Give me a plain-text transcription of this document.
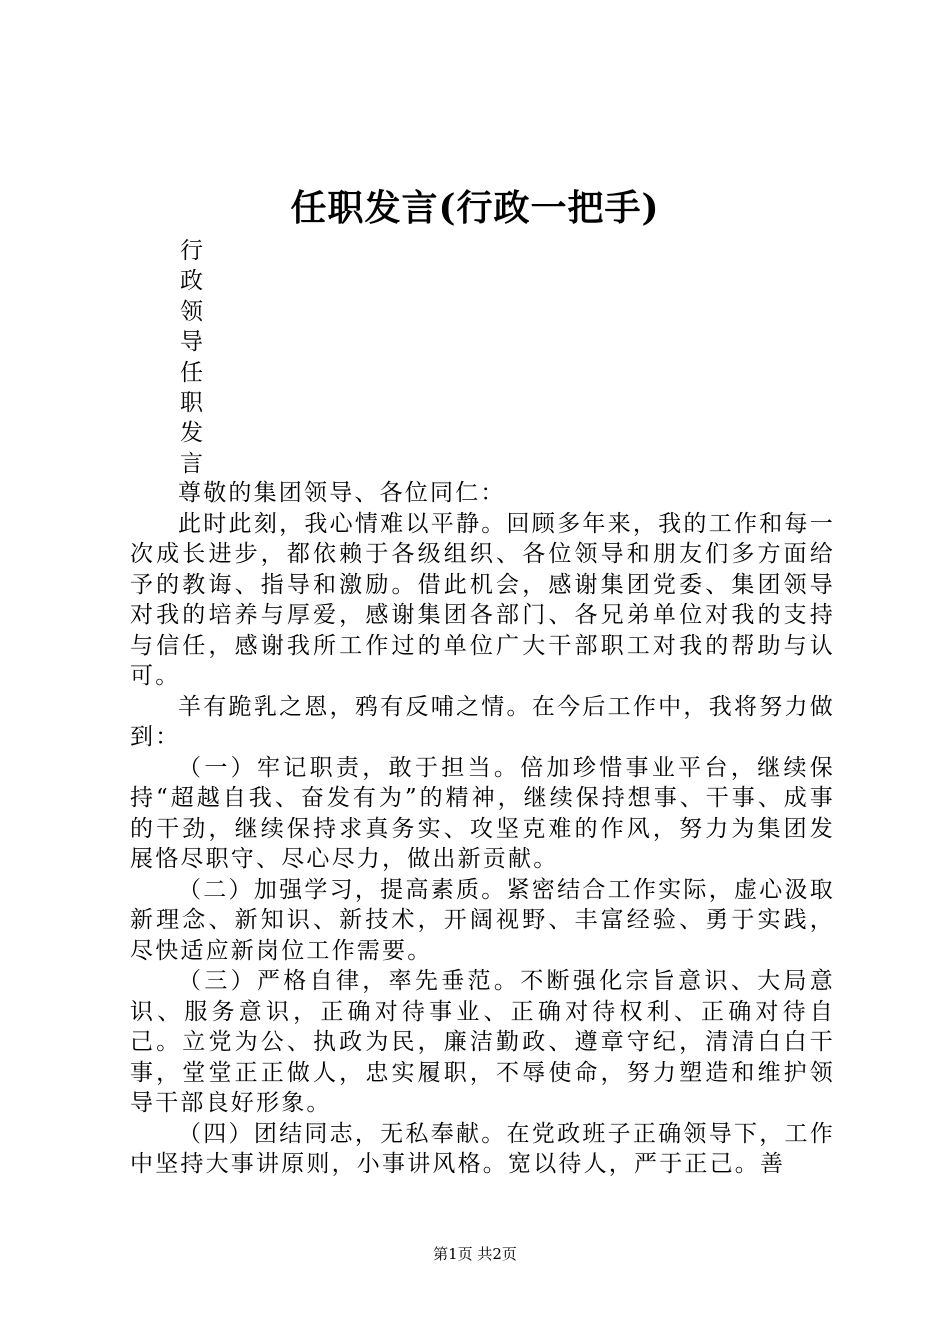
任职发言(行政一把手)
行
政
领
导
任
职
发
言

尊敬的集团领导、各位同仁：

此时此刻，我心情难以平静。回顾多年来，我的工作和每一次成长进步，都依赖于各级组织、各位领导和朋友们多方面给予的教诲、指导和激励。借此机会，感谢集团党委、集团领导对我的培养与厚爱，感谢集团各部门、各兄弟单位对我的支持与信任，感谢我所工作过的单位广大干部职工对我的帮助与认可。

羊有跪乳之恩，鸦有反哺之情。在今后工作中，我将努力做到：

（一）牢记职责，敢于担当。倍加珍惜事业平台，继续保持“超越自我、奋发有为”的精神，继续保持想事、干事、成事的干劲，继续保持求真务实、攻坚克难的作风，努力为集团发展恪尽职守、尽心尽力，做出新贡献。

（二）加强学习，提高素质。紧密结合工作实际，虚心汲取新理念、新知识、新技术，开阔视野、丰富经验、勇于实践，尽快适应新岗位工作需要。

（三）严格自律，率先垂范。不断强化宗旨意识、大局意识、服务意识，正确对待事业、正确对待权利、正确对待自己。立党为公、执政为民，廉洁勤政、遵章守纪，清清白白干事，堂堂正正做人，忠实履职，不辱使命，努力塑造和维护领导干部良好形象。

（四）团结同志，无私奉献。在党政班子正确领导下，工作中坚持大事讲原则，小事讲风格。宽以待人，严于正己。善

第1页 共2页
